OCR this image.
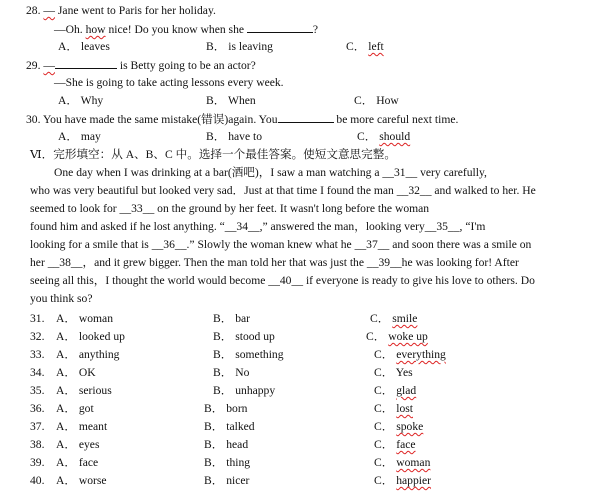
28. — Jane went to Paris for her holiday.
—Oh. how nice! Do you know when she	?
A． leaves	B． is leaving	C． left
29. —	is Betty going to be an actor?
—She is going to take acting lessons every week.
A． Why	B． When	C． How
30. You have made the same mistake(错误)again. You	be more careful next time.
A． may	B． have to	C． should
Ⅵ．完形填空：从 A、B、C 中。选择一个最佳答案。使短文意思完整。
One day when I was drinking at a bar(酒吧)，I saw a man watching a __31__ very carefully,
who was very beautiful but looked very sad．Just at that time I found the man __32__ and walked to her. He
seemed to look for __33__ on the ground by her feet. It wasn't long before the woman
found him and asked if he lost anything. “__34__,” answered the man，looking very__35__, “I'm
looking for a smile that is __36__.” Slowly the woman knew what he __37__ and soon there was a smile on
her __38__，and it grew bigger. Then the man told her that was just the __39__he was looking for! After
seeing all this，I thought the world would become __40__ if everyone is ready to give his love to others. Do
you think so?
31. A． woman	B． bar	C． smile
32. A． looked up	B． stood up	C． woke up
33. A． anything	B． something	C． everything
34. A． OK	B． No	C． Yes
35. A． serious	B． unhappy	C． glad
36. A． got	B． born	C． lost
37. A． meant	B． talked	C． spoke
38. A． eyes	B． head	C． face
39. A． face	B． thing	C． woman
40. A． worse	B． nicer	C． happier
